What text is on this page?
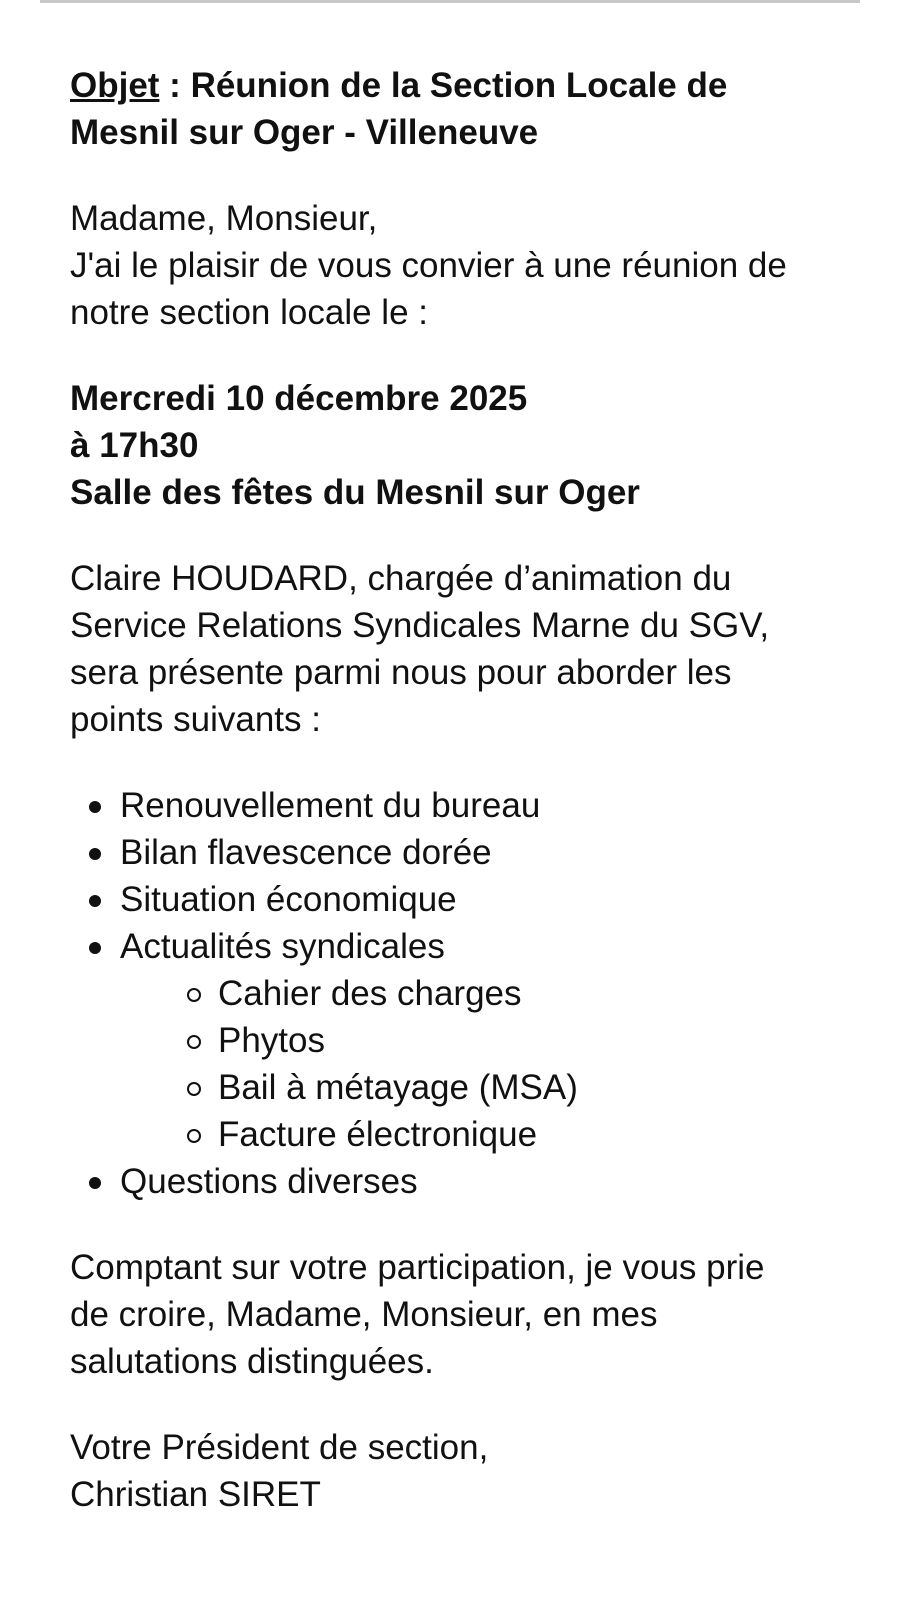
Objet : Réunion de la Section Locale de
Mesnil sur Oger - Villeneuve
Madame, Monsieur,
J'ai le plaisir de vous convier à une réunion de
notre section locale le :
Mercredi 10 décembre 2025
à 17h30
Salle des fêtes du Mesnil sur Oger
Claire HOUDARD, chargée d’animation du
Service Relations Syndicales Marne du SGV,
sera présente parmi nous pour aborder les
points suivants :
Renouvellement du bureau
Bilan flavescence dorée
Situation économique
Actualités syndicales
Cahier des charges
Phytos
Bail à métayage (MSA)
Facture électronique
Questions diverses
Comptant sur votre participation, je vous prie
de croire, Madame, Monsieur, en mes
salutations distinguées.
Votre Président de section,
Christian SIRET
